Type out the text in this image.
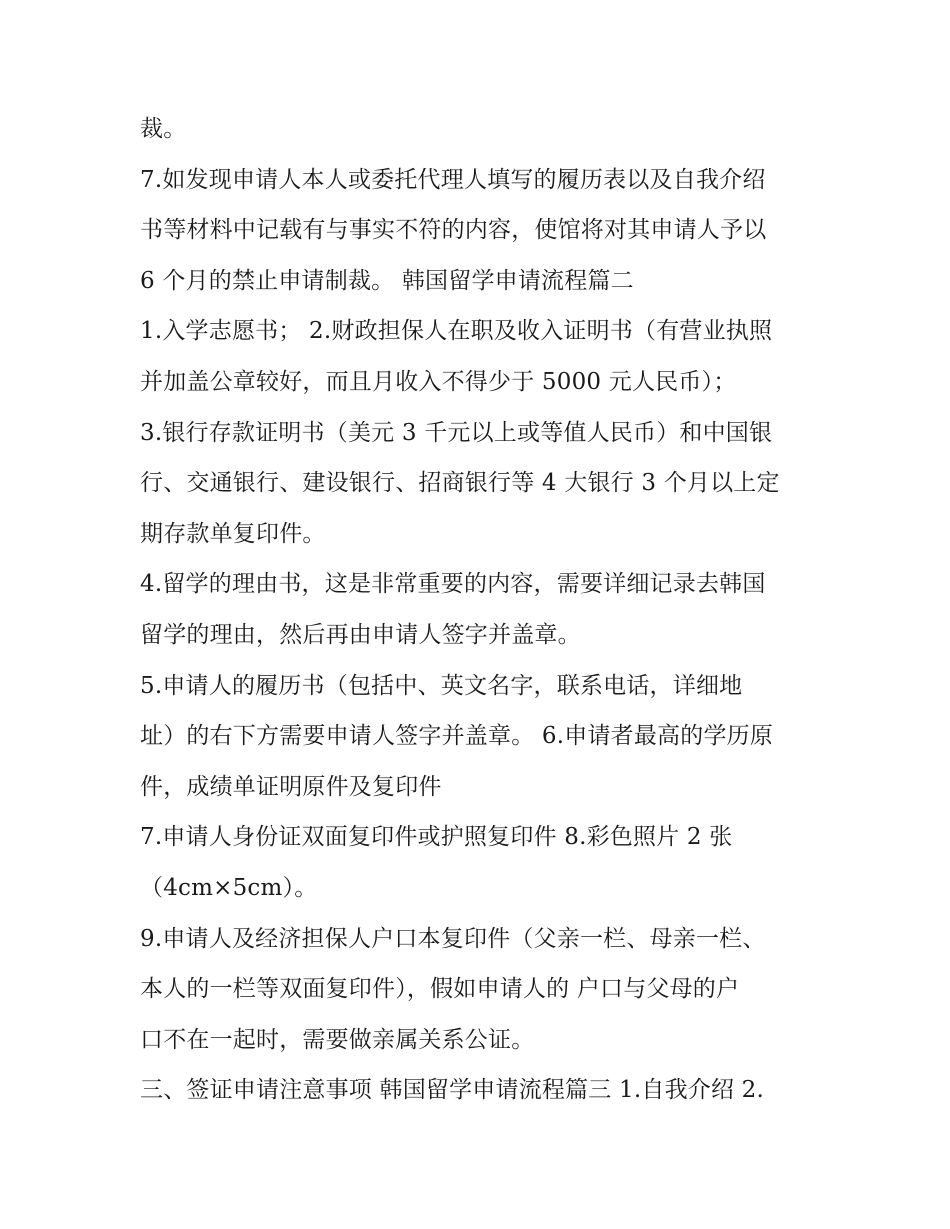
裁。
7.如发现申请人本人或委托代理人填写的履历表以及自我介绍
书等材料中记载有与事实不符的内容，使馆将对其申请人予以
6 个月的禁止申请制裁。 韩国留学申请流程篇二
1.入学志愿书； 2.财政担保人在职及收入证明书（有营业执照
并加盖公章较好，而且月收入不得少于 5000 元人民币）；
3.银行存款证明书（美元 3 千元以上或等值人民币）和中国银
行、交通银行、建设银行、招商银行等 4 大银行 3 个月以上定
期存款单复印件。
4.留学的理由书，这是非常重要的内容，需要详细记录去韩国
留学的理由，然后再由申请人签字并盖章。
5.申请人的履历书（包括中、英文名字，联系电话，详细地
址）的右下方需要申请人签字并盖章。 6.申请者最高的学历原
件，成绩单证明原件及复印件
7.申请人身份证双面复印件或护照复印件 8.彩色照片 2 张
（4cm×5cm）。
9.申请人及经济担保人户口本复印件（父亲一栏、母亲一栏、
本人的一栏等双面复印件），假如申请人的 户口与父母的户
口不在一起时，需要做亲属关系公证。
三、签证申请注意事项 韩国留学申请流程篇三 1.自我介绍 2.
